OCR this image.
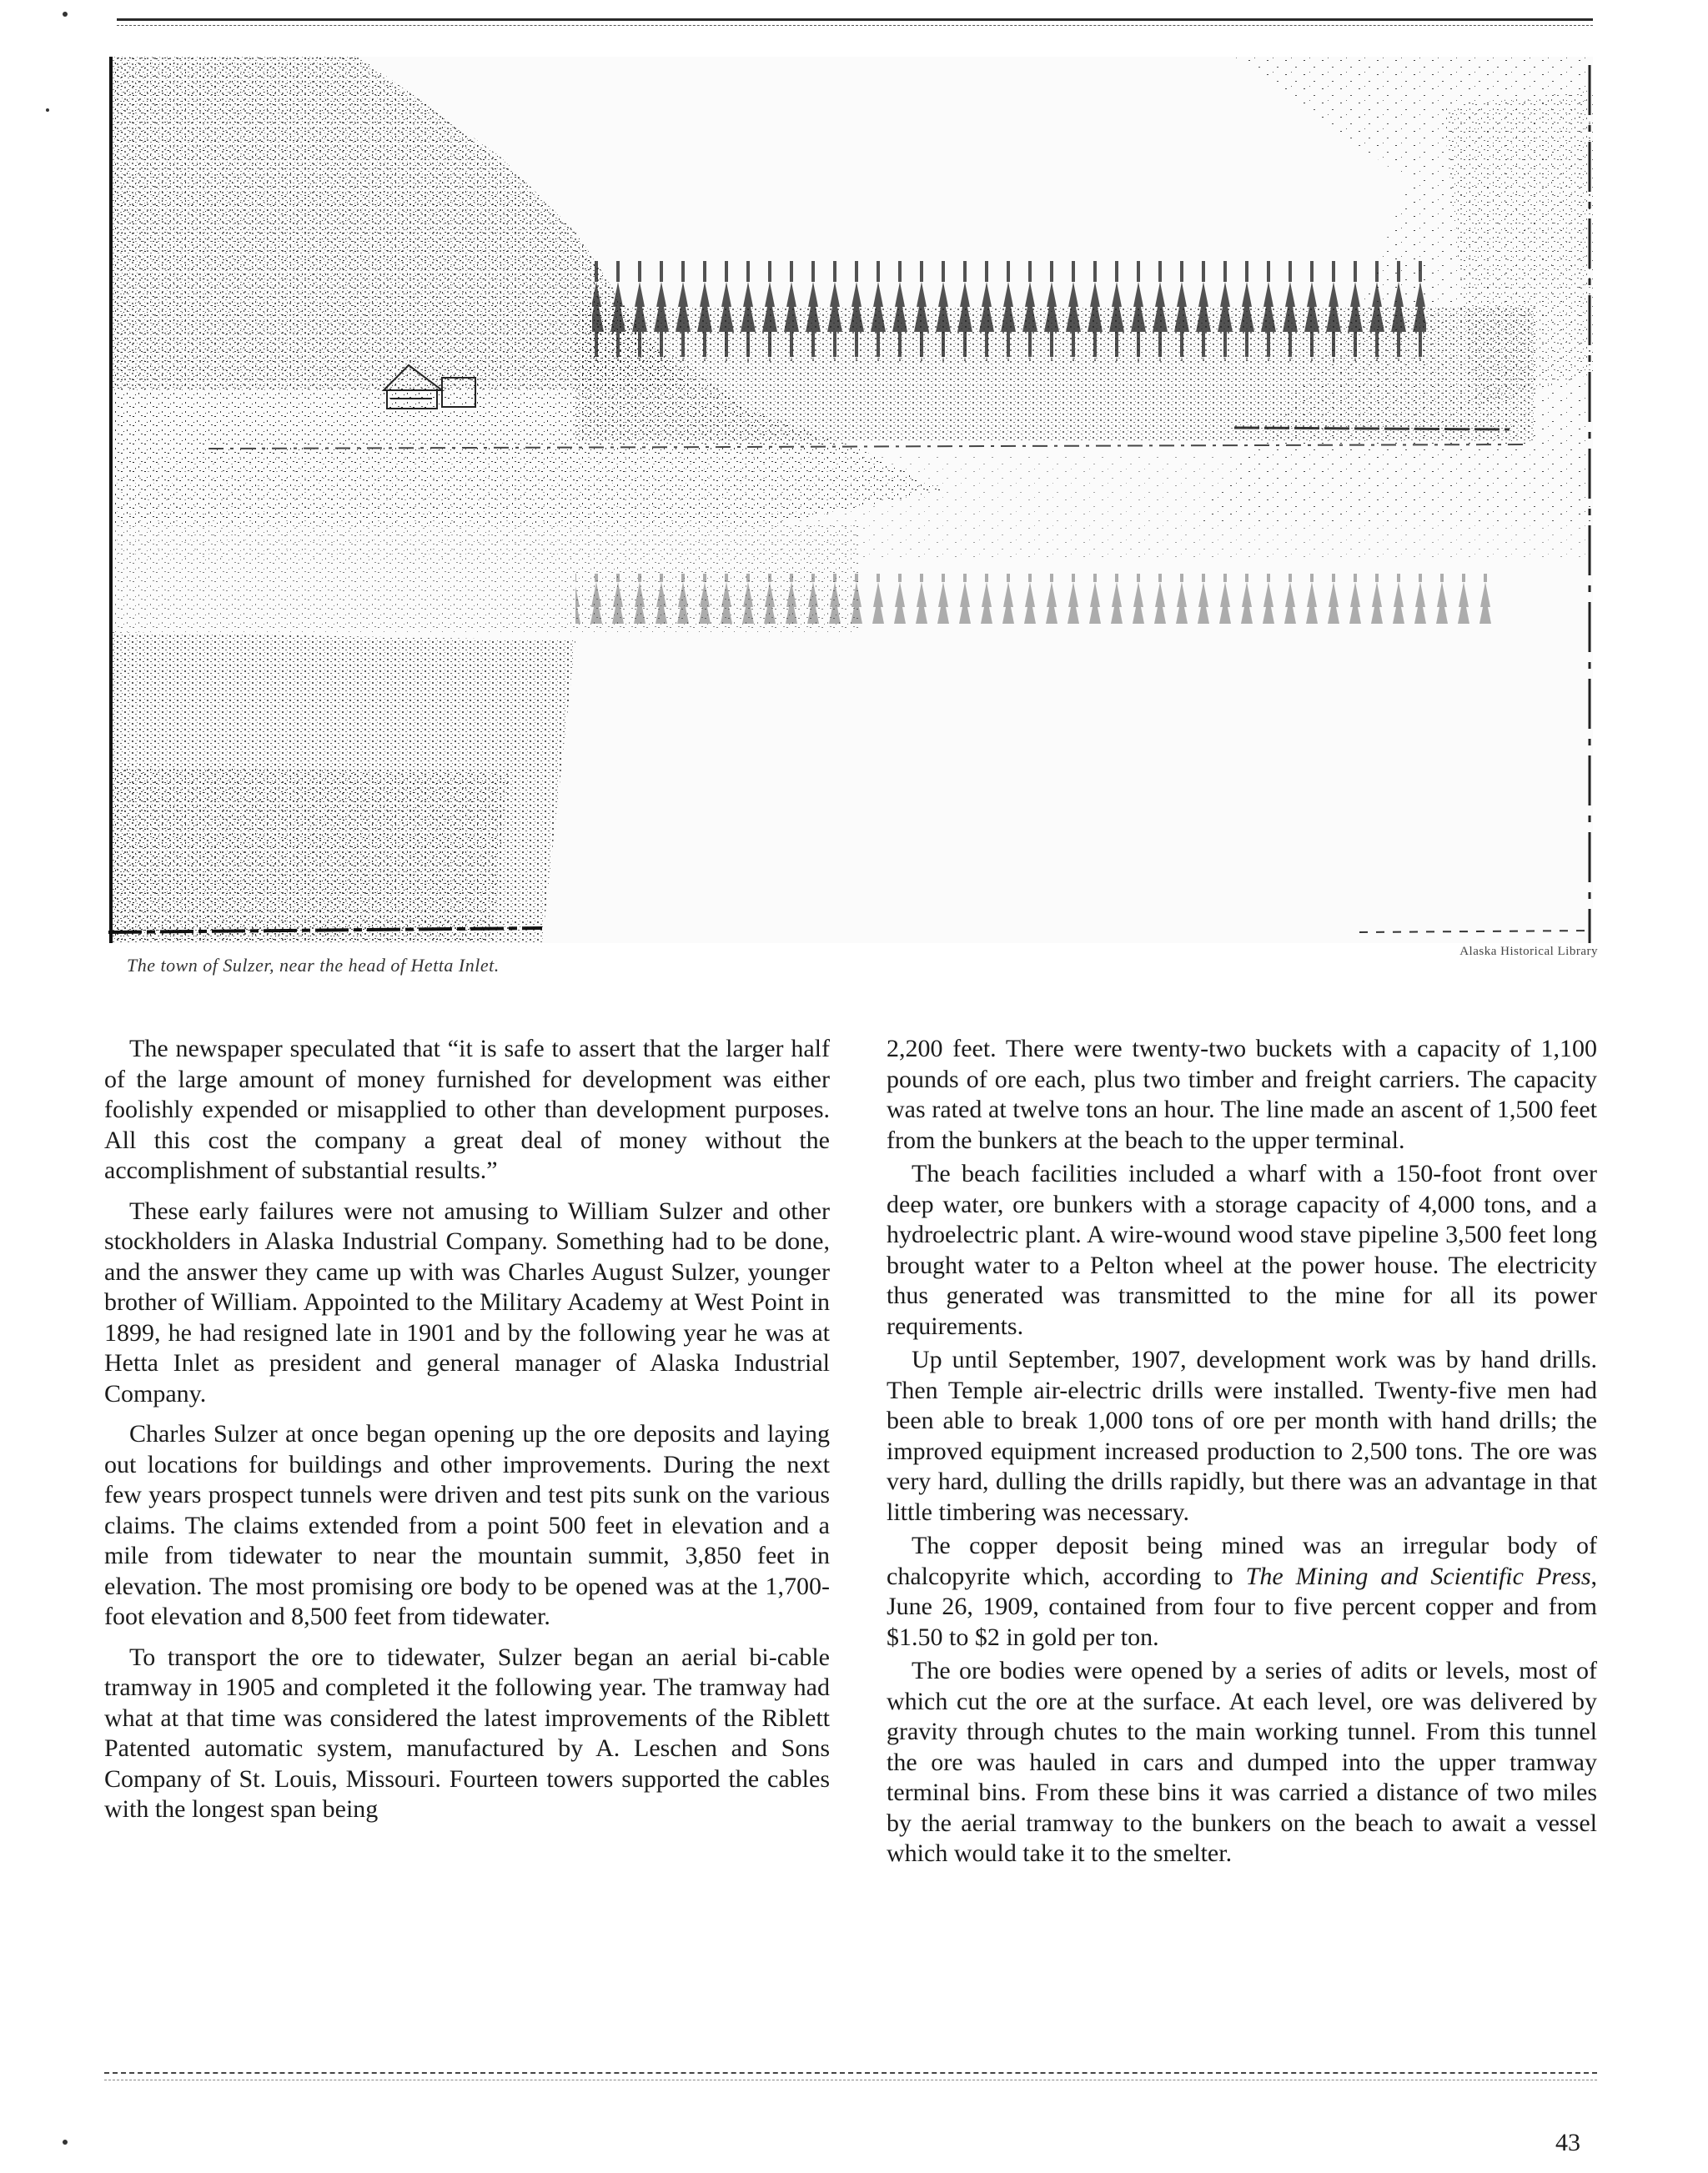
The town of Sulzer, near the head of Hetta Inlet.
Alaska Historical Library

The newspaper speculated that “it is safe to assert that the larger half of the large amount of money furnished for development was either foolishly expended or misapplied to other than development purposes. All this cost the company a great deal of money without the accomplishment of substantial results.”

These early failures were not amusing to William Sulzer and other stockholders in Alaska Industrial Company. Something had to be done, and the answer they came up with was Charles August Sulzer, younger brother of William. Appointed to the Military Academy at West Point in 1899, he had resigned late in 1901 and by the following year he was at Hetta Inlet as president and general manager of Alaska Industrial Company.

Charles Sulzer at once began opening up the ore deposits and laying out locations for buildings and other improvements. During the next few years prospect tunnels were driven and test pits sunk on the various claims. The claims extended from a point 500 feet in elevation and a mile from tidewater to near the mountain summit, 3,850 feet in elevation. The most promising ore body to be opened was at the 1,700-foot elevation and 8,500 feet from tidewater.

To transport the ore to tidewater, Sulzer began an aerial bi-cable tramway in 1905 and completed it the following year. The tramway had what at that time was considered the latest improvements of the Riblett Patented automatic system, manufactured by A. Leschen and Sons Company of St. Louis, Missouri. Fourteen towers supported the cables with the longest span being

2,200 feet. There were twenty-two buckets with a capacity of 1,100 pounds of ore each, plus two timber and freight carriers. The capacity was rated at twelve tons an hour. The line made an ascent of 1,500 feet from the bunkers at the beach to the upper terminal.

The beach facilities included a wharf with a 150-foot front over deep water, ore bunkers with a storage capacity of 4,000 tons, and a hydroelectric plant. A wire-wound wood stave pipeline 3,500 feet long brought water to a Pelton wheel at the power house. The electricity thus generated was transmitted to the mine for all its power requirements.

Up until September, 1907, development work was by hand drills. Then Temple air-electric drills were installed. Twenty-five men had been able to break 1,000 tons of ore per month with hand drills; the improved equipment increased production to 2,500 tons. The ore was very hard, dulling the drills rapidly, but there was an advantage in that little timbering was necessary.

The copper deposit being mined was an irregular body of chalcopyrite which, according to The Mining and Scientific Press, June 26, 1909, contained from four to five percent copper and from $1.50 to $2 in gold per ton.

The ore bodies were opened by a series of adits or levels, most of which cut the ore at the surface. At each level, ore was delivered by gravity through chutes to the main working tunnel. From this tunnel the ore was hauled in cars and dumped into the upper tramway terminal bins. From these bins it was carried a distance of two miles by the aerial tramway to the bunkers on the beach to await a vessel which would take it to the smelter.

43
